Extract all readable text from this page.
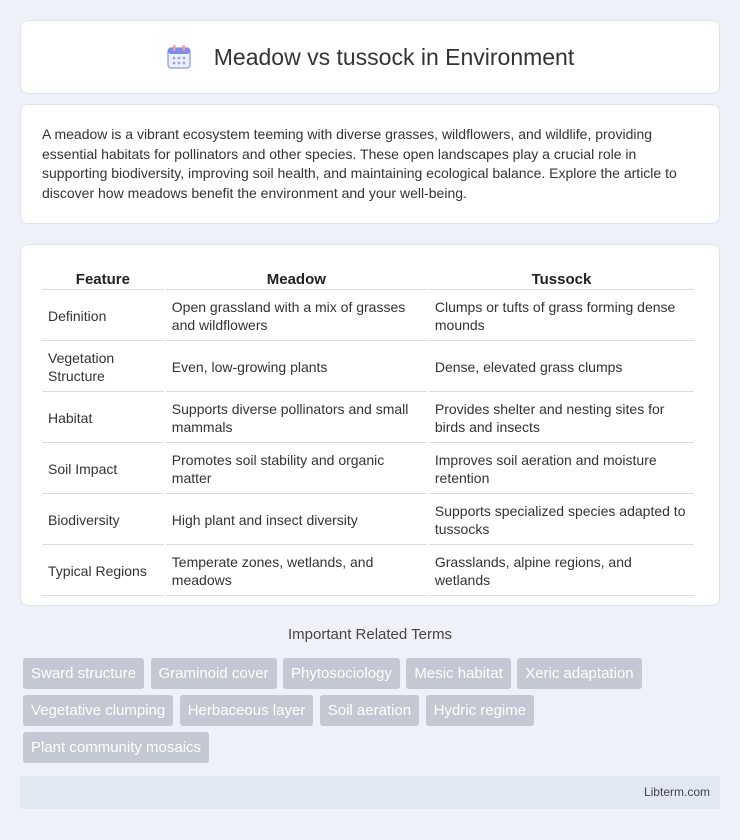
Meadow vs tussock in Environment

A meadow is a vibrant ecosystem teeming with diverse grasses, wildflowers, and wildlife, providing essential habitats for pollinators and other species. These open landscapes play a crucial role in supporting biodiversity, improving soil health, and maintaining ecological balance. Explore the article to discover how meadows benefit the environment and your well-being.

Feature	Meadow	Tussock
Definition	Open grassland with a mix of grasses and wildflowers	Clumps or tufts of grass forming dense mounds
Vegetation Structure	Even, low-growing plants	Dense, elevated grass clumps
Habitat	Supports diverse pollinators and small mammals	Provides shelter and nesting sites for birds and insects
Soil Impact	Promotes soil stability and organic matter	Improves soil aeration and moisture retention
Biodiversity	High plant and insect diversity	Supports specialized species adapted to tussocks
Typical Regions	Temperate zones, wetlands, and meadows	Grasslands, alpine regions, and wetlands
Important Related Terms
Sward structure Graminoid cover Phytosociology Mesic habitat Xeric adaptation Vegetative clumping Herbaceous layer Soil aeration Hydric regime Plant community mosaics
Libterm.com
